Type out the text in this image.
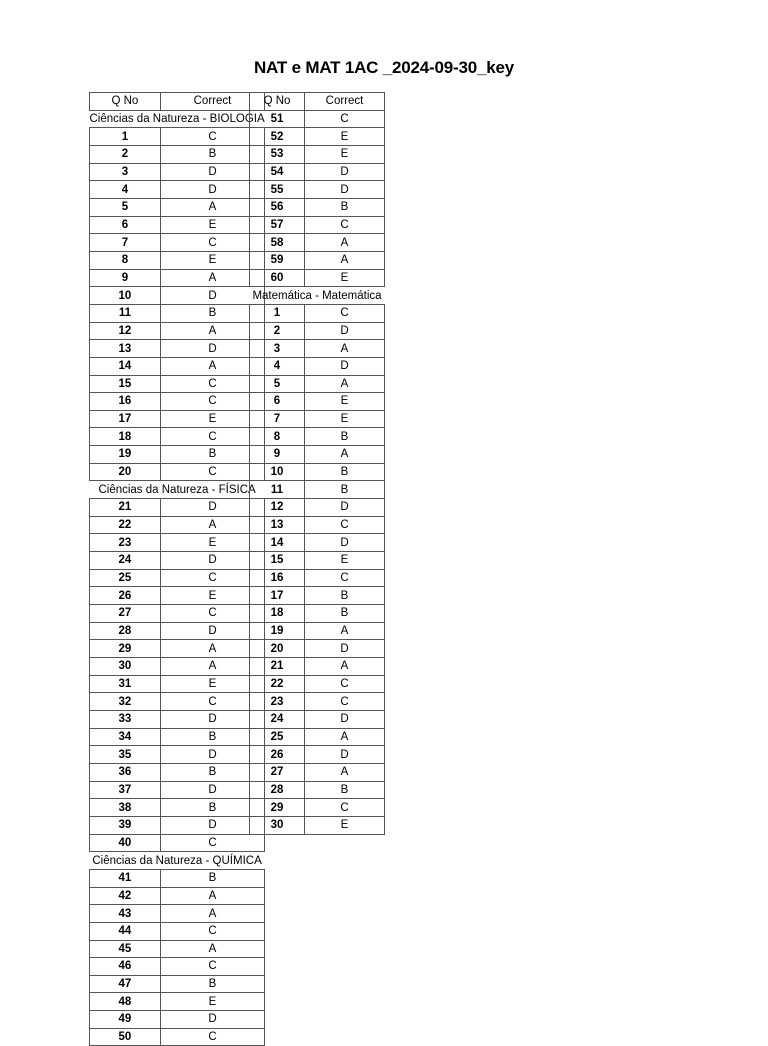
NAT e MAT 1AC _2024-09-30_key
Q No	Correct
Ciências da Natureza - BIOLOGIA	
1	C
2	B
3	D
4	D
5	A
6	E
7	C
8	E
9	A
10	D
11	B
12	A
13	D
14	A
15	C
16	C
17	E
18	C
19	B
20	C
Ciências da Natureza - FÍSICA	
21	D
22	A
23	E
24	D
25	C
26	E
27	C
28	D
29	A
30	A
31	E
32	C
33	D
34	B
35	D
36	B
37	D
38	B
39	D
40	C
Ciências da Natureza - QUÍMICA	
41	B
42	A
43	A
44	C
45	A
46	C
47	B
48	E
49	D
50	C
Q No	Correct
51	C
52	E
53	E
54	D
55	D
56	B
57	C
58	A
59	A
60	E
Matemática - Matemática	
1	C
2	D
3	A
4	D
5	A
6	E
7	E
8	B
9	A
10	B
11	B
12	D
13	C
14	D
15	E
16	C
17	B
18	B
19	A
20	D
21	A
22	C
23	C
24	D
25	A
26	D
27	A
28	B
29	C
30	E
